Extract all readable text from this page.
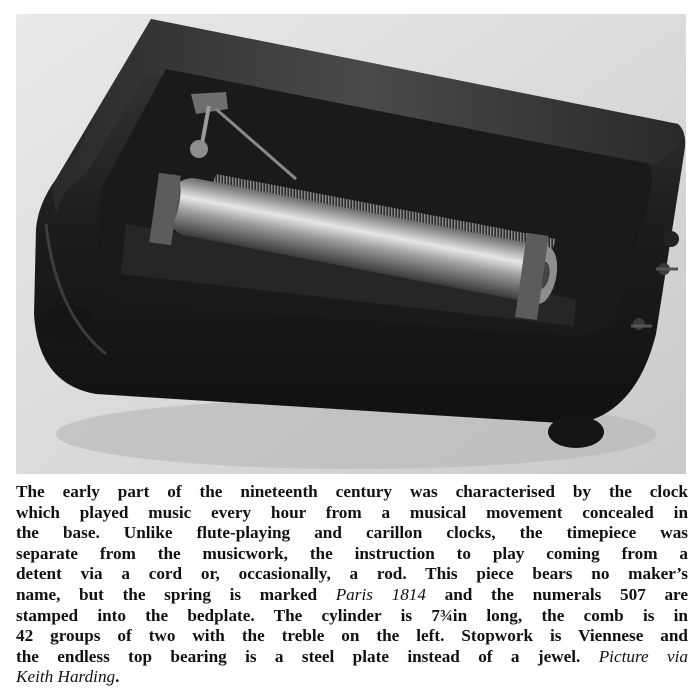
The early part of the nineteenth century was characterised by the clock
which played music every hour from a musical movement concealed in
the base. Unlike flute-playing and carillon clocks, the timepiece was
separate from the musicwork, the instruction to play coming from a
detent via a cord or, occasionally, a rod. This piece bears no maker’s
name, but the spring is marked Paris 1814 and the numerals 507 are
stamped into the bedplate. The cylinder is 7¾in long, the comb is in
42 groups of two with the treble on the left. Stopwork is Viennese and
the endless top bearing is a steel plate instead of a jewel. Picture via
Keith Harding.
